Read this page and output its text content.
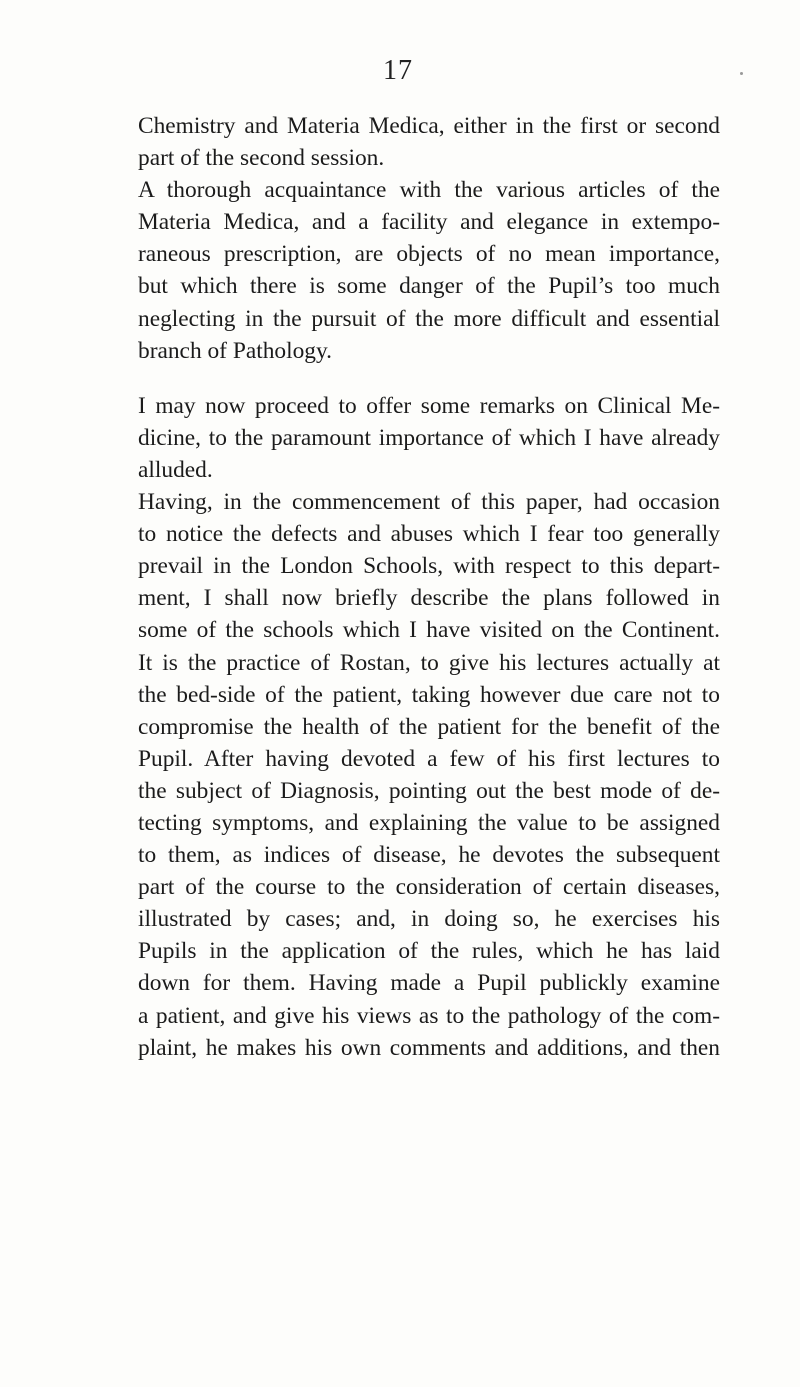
17
Chemistry and Materia Medica, either in the first or second
part of the second session.
A thorough acquaintance with the various articles of the
Materia Medica, and a facility and elegance in extempo-
raneous prescription, are objects of no mean importance,
but which there is some danger of the Pupil’s too much
neglecting in the pursuit of the more difficult and essential
branch of Pathology.
I may now proceed to offer some remarks on Clinical Me-
dicine, to the paramount importance of which I have already
alluded.
Having, in the commencement of this paper, had occasion
to notice the defects and abuses which I fear too generally
prevail in the London Schools, with respect to this depart-
ment, I shall now briefly describe the plans followed in
some of the schools which I have visited on the Continent.
It is the practice of Rostan, to give his lectures actually at
the bed-side of the patient, taking however due care not to
compromise the health of the patient for the benefit of the
Pupil. After having devoted a few of his first lectures to
the subject of Diagnosis, pointing out the best mode of de-
tecting symptoms, and explaining the value to be assigned
to them, as indices of disease, he devotes the subsequent
part of the course to the consideration of certain diseases,
illustrated by cases; and, in doing so, he exercises his
Pupils in the application of the rules, which he has laid
down for them. Having made a Pupil publickly examine
a patient, and give his views as to the pathology of the com-
plaint, he makes his own comments and additions, and then
